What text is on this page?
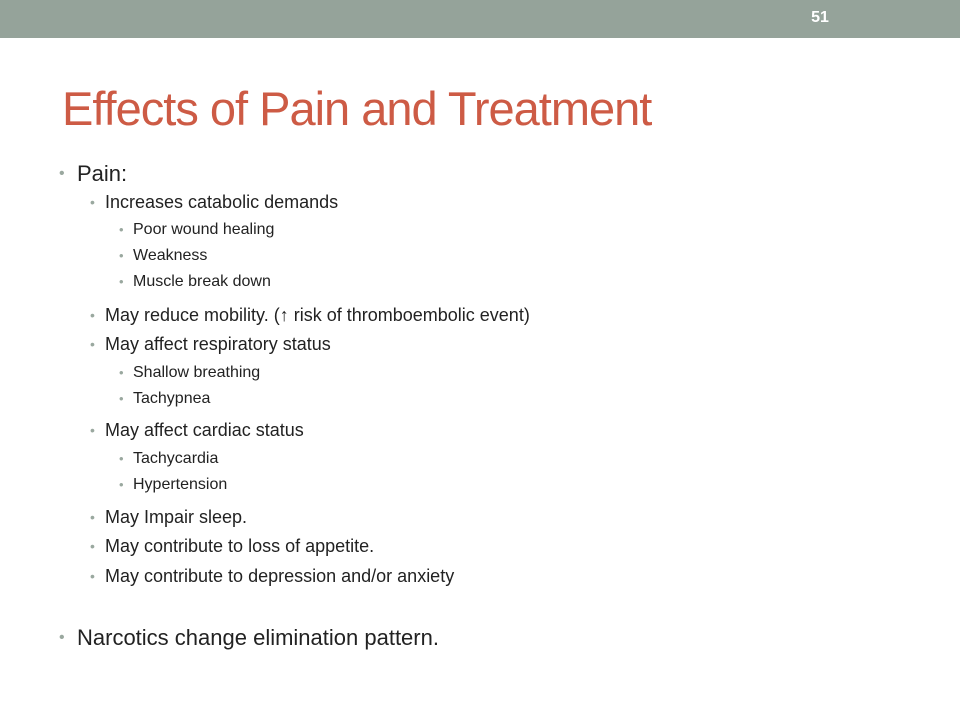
51
Effects of Pain and Treatment
• Pain:
• Increases catabolic demands
• Poor wound healing
• Weakness
• Muscle break down
• May reduce mobility. (↑ risk of thromboembolic event)
• May affect respiratory status
• Shallow breathing
• Tachypnea
• May affect cardiac status
• Tachycardia
• Hypertension
• May Impair sleep.
• May contribute to loss of appetite.
• May contribute to depression and/or anxiety
• Narcotics change elimination pattern.
